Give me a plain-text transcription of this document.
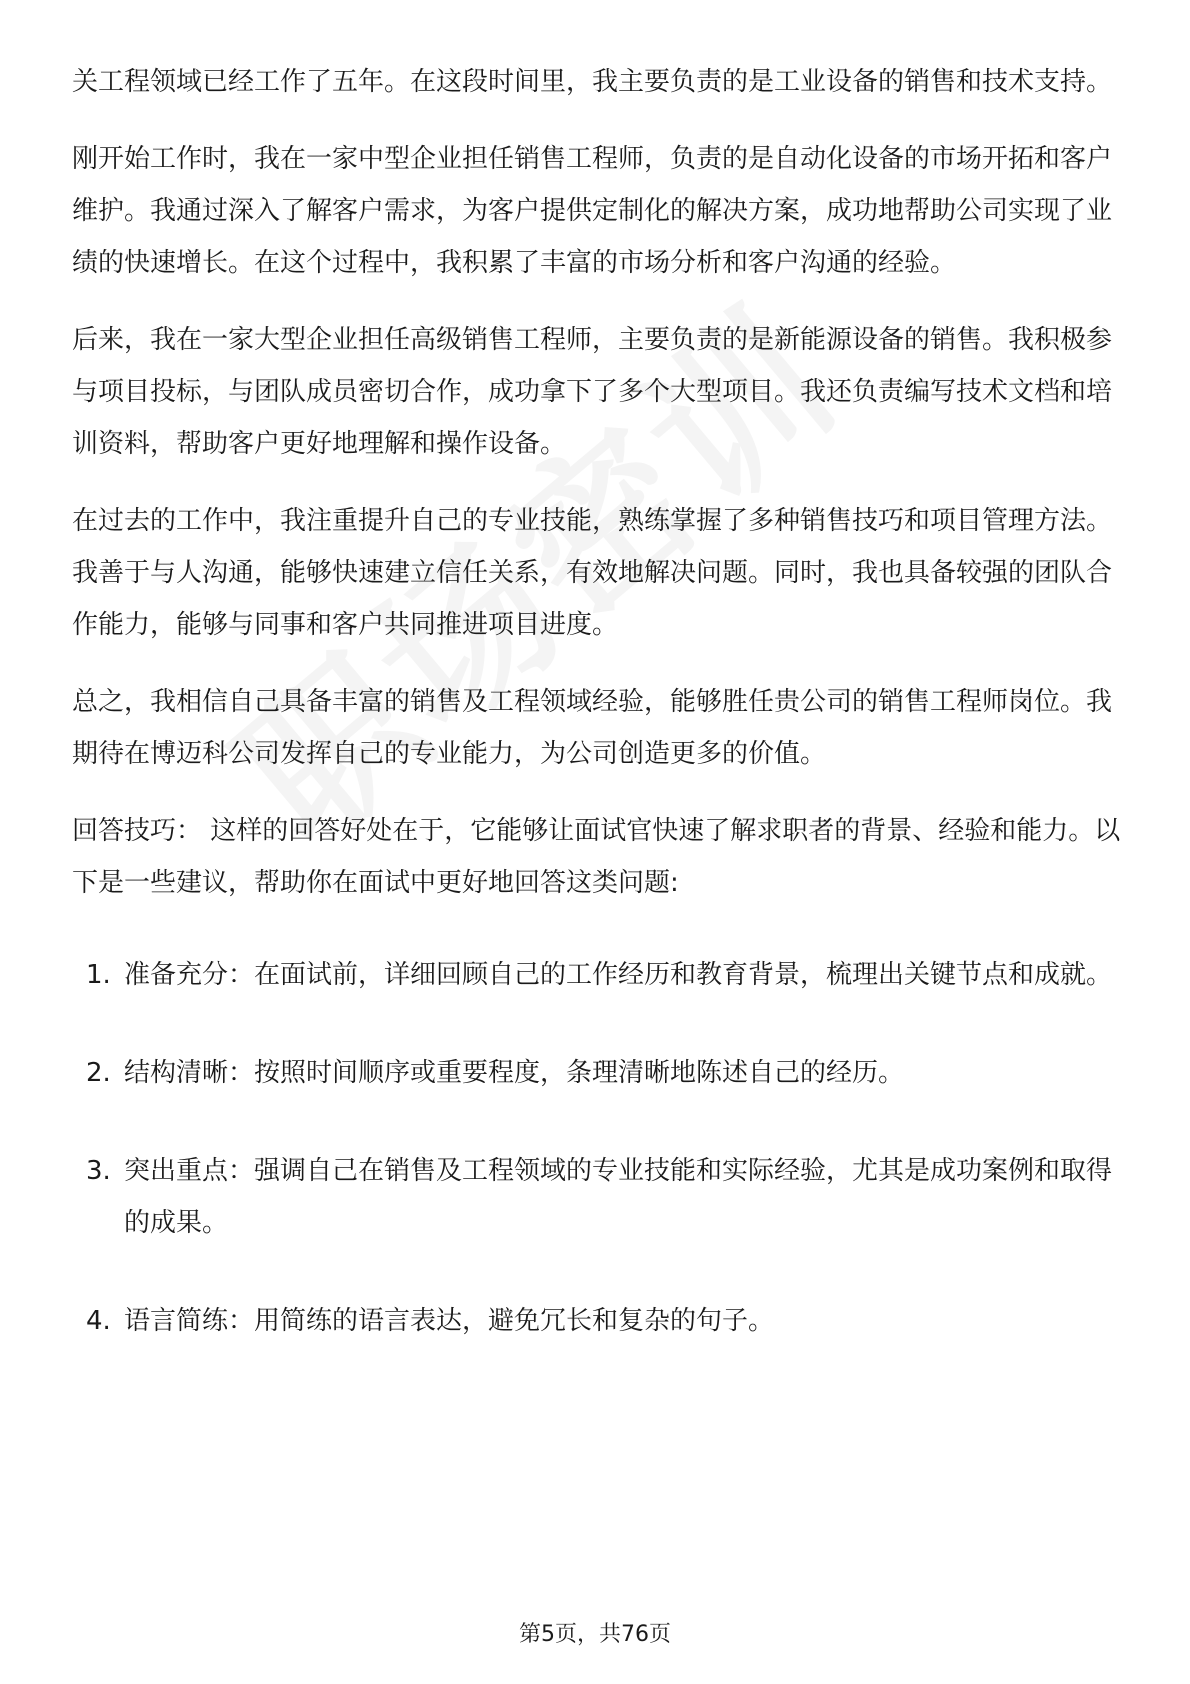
关工程领域已经工作了五年。在这段时间里，我主要负责的是工业设备的销售和技术支持。

刚开始工作时，我在一家中型企业担任销售工程师，负责的是自动化设备的市场开拓和客户维护。我通过深入了解客户需求，为客户提供定制化的解决方案，成功地帮助公司实现了业绩的快速增长。在这个过程中，我积累了丰富的市场分析和客户沟通的经验。

后来，我在一家大型企业担任高级销售工程师，主要负责的是新能源设备的销售。我积极参与项目投标，与团队成员密切合作，成功拿下了多个大型项目。我还负责编写技术文档和培训资料，帮助客户更好地理解和操作设备。

在过去的工作中，我注重提升自己的专业技能，熟练掌握了多种销售技巧和项目管理方法。我善于与人沟通，能够快速建立信任关系，有效地解决问题。同时，我也具备较强的团队合作能力，能够与同事和客户共同推进项目进度。

总之，我相信自己具备丰富的销售及工程领域经验，能够胜任贵公司的销售工程师岗位。我期待在博迈科公司发挥自己的专业能力，为公司创造更多的价值。

回答技巧： 这样的回答好处在于，它能够让面试官快速了解求职者的背景、经验和能力。以下是一些建议，帮助你在面试中更好地回答这类问题:

1. 准备充分：在面试前，详细回顾自己的工作经历和教育背景，梳理出关键节点和成就。
2. 结构清晰：按照时间顺序或重要程度，条理清晰地陈述自己的经历。
3. 突出重点：强调自己在销售及工程领域的专业技能和实际经验，尤其是成功案例和取得的成果。
4. 语言简练：用简练的语言表达，避免冗长和复杂的句子。
第5页，共76页
